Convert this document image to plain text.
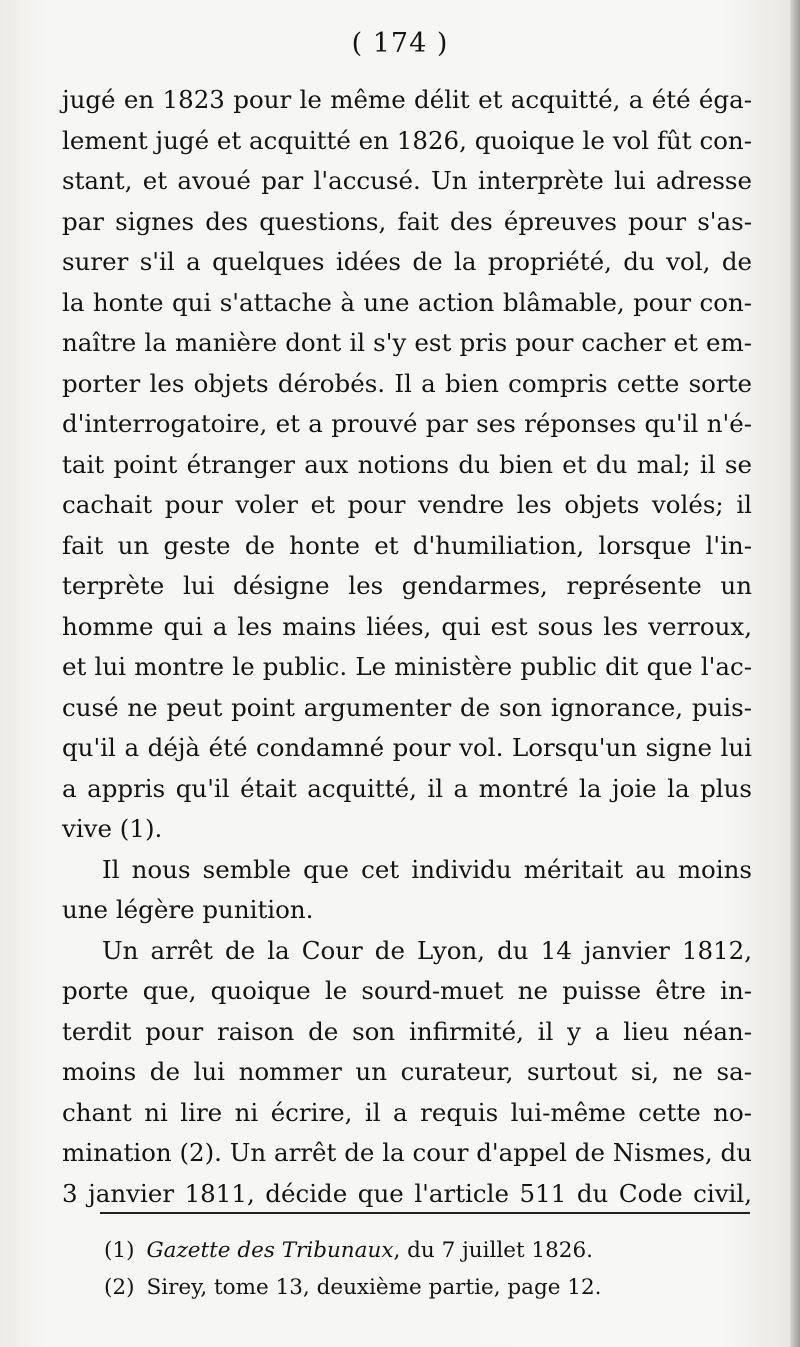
( 174 )
jugé en 1823 pour le même délit et acquitté, a été éga-
lement jugé et acquitté en 1826, quoique le vol fût con-
stant, et avoué par l'accusé. Un interprète lui adresse
par signes des questions, fait des épreuves pour s'as-
surer s'il a quelques idées de la propriété, du vol, de
la honte qui s'attache à une action blâmable, pour con-
naître la manière dont il s'y est pris pour cacher et em-
porter les objets dérobés. Il a bien compris cette sorte
d'interrogatoire, et a prouvé par ses réponses qu'il n'é-
tait point étranger aux notions du bien et du mal; il se
cachait pour voler et pour vendre les objets volés; il
fait un geste de honte et d'humiliation, lorsque l'in-
terprète lui désigne les gendarmes, représente un
homme qui a les mains liées, qui est sous les verroux,
et lui montre le public. Le ministère public dit que l'ac-
cusé ne peut point argumenter de son ignorance, puis-
qu'il a déjà été condamné pour vol. Lorsqu'un signe lui
a appris qu'il était acquitté, il a montré la joie la plus
vive (1).
Il nous semble que cet individu méritait au moins
une légère punition.
Un arrêt de la Cour de Lyon, du 14 janvier 1812,
porte que, quoique le sourd-muet ne puisse être in-
terdit pour raison de son infirmité, il y a lieu néan-
moins de lui nommer un curateur, surtout si, ne sa-
chant ni lire ni écrire, il a requis lui-même cette no-
mination (2). Un arrêt de la cour d'appel de Nismes, du
3 janvier 1811, décide que l'article 511 du Code civil,
(1) Gazette des Tribunaux, du 7 juillet 1826.
(2) Sirey, tome 13, deuxième partie, page 12.
